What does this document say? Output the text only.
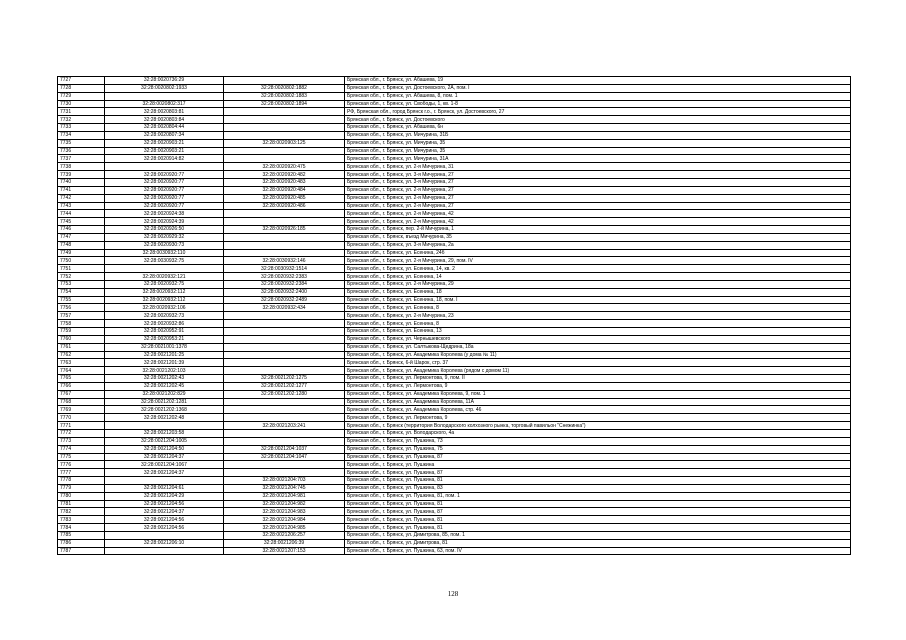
7727	32:28:0020736:29		Брянская обл., г. Брянск, ул. Абашева, 19
7728	32:28:0020802:1933	32:28:0020802:1882	Брянская обл., г. Брянск, ул. Достоевского, 2А, пом. I
7729		32:28:0020802:1883	Брянская обл., г. Брянск, ул. Абашева, 8, пом. 1
7730	32:28:0020802:317	32:28:0020802:1894	Брянская обл., г. Брянск, ул. Свободы, 1, кв. 1-8
7731	32:28:0020803:81		РФ, Брянская обл., город Брянск г.о., г. Брянск, ул. Достоевского, 27
7732	32:28:0020803:84		Брянская обл., г. Брянск, ул. Достоевского
7733	32:28:0020804:44		Брянская обл., г. Брянск, ул. Абашева, 6н
7734	32:28:0020807:34		Брянская обл., г. Брянск, ул. Мичурина, 31Б
7735	32:28:0020903:21	32:28:0020903:125	Брянская обл., г. Брянск, ул. Мичурина, 35
7736	32:28:0020903:21		Брянская обл., г. Брянск, ул. Мичурина, 35
7737	32:28:0020914:82		Брянская обл., г. Брянск, ул. Мичурина, 31А
7738		32:28:0020920:475	Брянская обл., г. Брянск, ул. 2-я Мичурина, 31
7739	32:28:0020920:77	32:28:0020920:482	Брянская обл., г. Брянск, ул. 3-я Мичурина, 27
7740	32:28:0020920:77	32:28:0020920:483	Брянская обл., г. Брянск, ул. 3-я Мичурина, 27
7741	32:28:0020920:77	32:28:0020920:484	Брянская обл., г. Брянск, ул. 2-я Мичурина, 27
7742	32:28:0020920:77	32:28:0020920:485	Брянская обл., г. Брянск, ул. 2-я Мичурина, 27
7743	32:28:0020920:77	32:28:0020920:486	Брянская обл., г. Брянск, ул. 2-я Мичурина, 27
7744	32:28:0020924:38		Брянская обл., г. Брянск, ул. 2-я Мичурина, 42
7745	32:28:0020924:39		Брянская обл., г. Брянск, ул. 2-я Мичурина, 42
7746	32:28:0020926:50	32:28:0020926:185	Брянская обл., г. Брянск, пер. 2-й Мичурина, 1
7747	32:28:0020929:32		Брянская обл., г. Брянск, въезд Мичурина, 35
7748	32:28:0020930:73		Брянская обл., г. Брянск, ул. 3-я Мичурина, 2а
7749	32:28:0030932:110		Брянская обл., г. Брянск, ул. Есенина, 24б
7750	32:28:0030932:75	32:28:0030932:146	Брянская обл., г. Брянск, ул. 2-я Мичурина, 29, пом. IV
7751		32:28:0030932:1514	Брянская обл., г. Брянск, ул. Есенина, 14, кв. 2
7752	32:28:0020932:121	32:28:0020932:2383	Брянская обл., г. Брянск, ул. Есенина, 14
7753	32:28:0020932:75	32:28:0020932:2384	Брянская обл., г. Брянск, ул. 2-я Мичурина, 29
7754	32:28:0020932:112	32:28:0020932:2400	Брянская обл., г. Брянск, ул. Есенина, 18
7755	32:28:0020932:112	32:28:0020932:2489	Брянская обл., г. Брянск, ул. Есенина, 18, пом. I
7756	32:28:0020932:106	32:28:0020932:434	Брянская обл., г. Брянск, ул. Есенина, 8
7757	32:28:0020932:73		Брянская обл., г. Брянск, ул. 2-я Мичурина, 23
7758	32:28:0020932:86		Брянская обл., г. Брянск, ул. Есенина, 8
7759	32:28:0020952:91		Брянская обл., г. Брянск, ул. Есенина, 13
7760	32:28:0020953:21		Брянская обл., г. Брянск, ул. Чернышевского
7761	32:28:0021001:1378		Брянская обл., г. Брянск, ул. Салтыкова-Щедрина, 18а
7762	32:28:0021201:25		Брянская обл., г. Брянск, ул. Академика Королева (у дома № 11)
7763	32:28:0021201:39		Брянская обл., г. Брянск, 6-й Шарок, стр. 37
7764	32:28:0021202:103		Брянская обл., г. Брянск, ул. Академика Королева (рядом с домом 11)
7765	32:28:0021202:43	32:28:0021202:1275	Брянская обл., г. Брянск, ул. Лермонтова, 9, пом. II
7766	32:28:0021202:45	32:28:0021202:1277	Брянская обл., г. Брянск, ул. Лермонтова, 9
7767	32:28:0021202:829	32:28:0021202:1280	Брянская обл., г. Брянск, ул. Академика Королева, 9, пом. 1
7768	32:28:0021202:1281		Брянская обл., г. Брянск, ул. Академика Королева, 11А
7769	32:28:0021202:1368		Брянская обл., г. Брянск, ул. Академика Королева, стр. 46
7770	32:28:0021202:48		Брянская обл., г. Брянск, ул. Лермонтова, 9
7771		32:28:0021203:241	Брянская обл., г. Брянск (территория Володарского колхозного рынка, торговый павильон "Снежинка")
7772	32:28:0021203:58		Брянская обл., г. Брянск, ул. Володарского, 4а
7773	32:28:0021204:1005		Брянская обл., г. Брянск, ул. Пушкина, 73
7774	32:28:0021204:50	32:28:0021204:1037	Брянская обл., г. Брянск, ул. Пушкина, 75
7775	32:28:0021204:37	32:28:0021204:1047	Брянская обл., г. Брянск, ул. Пушкина, 87
7776	32:28:0021204:1067		Брянская обл., г. Брянск, ул. Пушкина
7777	32:28:0021204:37		Брянская обл., г. Брянск, ул. Пушкина, 87
7778		32:28:0021204:703	Брянская обл., г. Брянск, ул. Пушкина, 81
7779	32:28:0021204:61	32:28:0021204:745	Брянская обл., г. Брянск, ул. Пушкина, 83
7780	32:28:0021204:29	32:28:0021204:981	Брянская обл., г. Брянск, ул. Пушкина, 81, пом. 1
7781	32:28:0021204:56	32:28:0021204:982	Брянская обл., г. Брянск, ул. Пушкина, 81
7782	32:28:0021204:37	32:28:0021204:983	Брянская обл., г. Брянск, ул. Пушкина, 87
7783	32:28:0021204:56	32:28:0021204:984	Брянская обл., г. Брянск, ул. Пушкина, 81
7784	32:28:0021204:56	32:28:0021204:985	Брянская обл., г. Брянск, ул. Пушкина, 81
7785		32:28:0021206:257	Брянская обл., г. Брянск, ул. Димитрова, 85, пом. 1
7786	32:28:0021206:10	32:28:0021206:39	Брянская обл., г. Брянск, ул. Димитрова, 81
7787		32:28:0021207:153	Брянская обл., г. Брянск, ул. Пушкина, 63, пом. IV
128
